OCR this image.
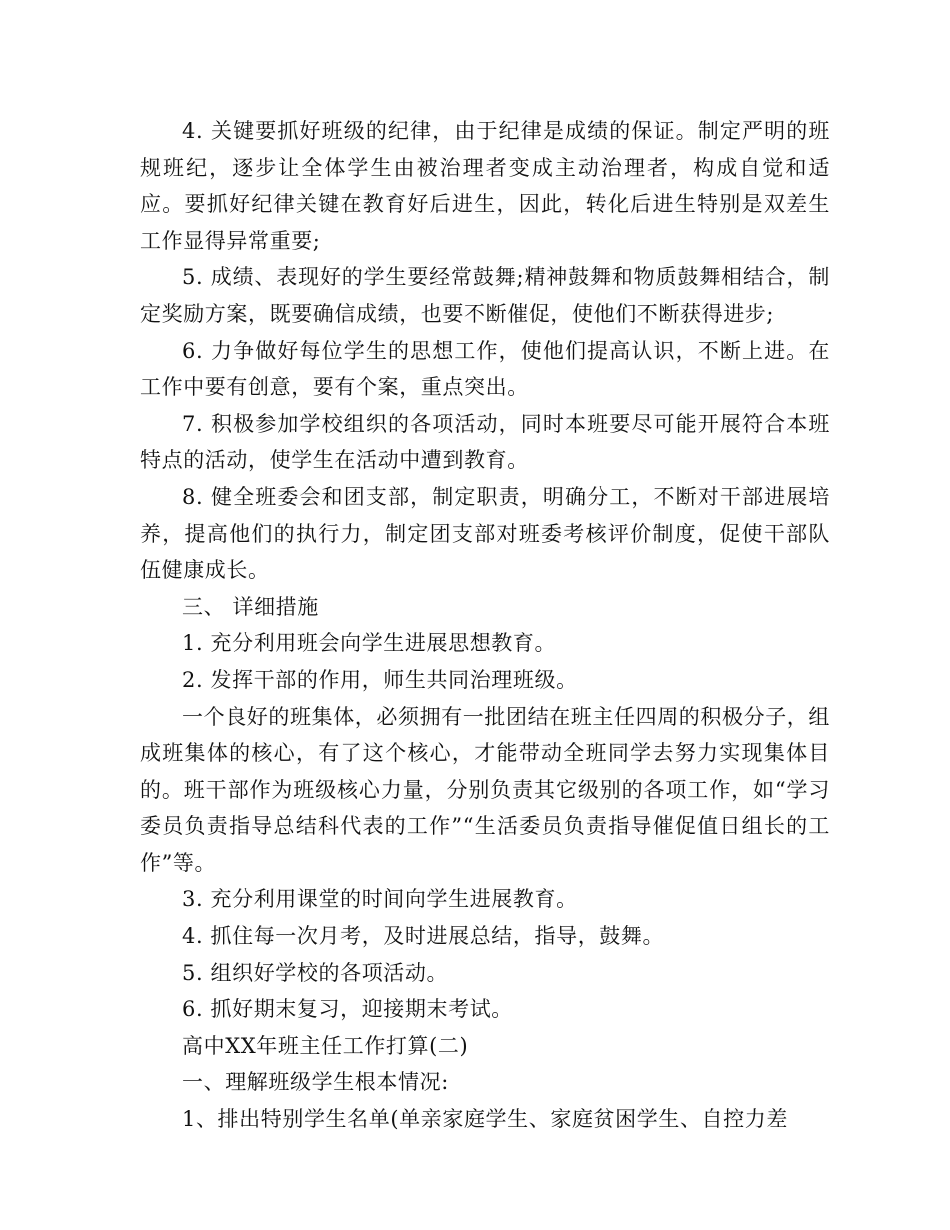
4. 关键要抓好班级的纪律，由于纪律是成绩的保证。制定严明的班规班纪，逐步让全体学生由被治理者变成主动治理者，构成自觉和适应。要抓好纪律关键在教育好后进生，因此，转化后进生特别是双差生工作显得异常重要;

5. 成绩、表现好的学生要经常鼓舞;精神鼓舞和物质鼓舞相结合，制定奖励方案，既要确信成绩，也要不断催促，使他们不断获得进步;

6. 力争做好每位学生的思想工作，使他们提高认识，不断上进。在工作中要有创意，要有个案，重点突出。

7. 积极参加学校组织的各项活动，同时本班要尽可能开展符合本班特点的活动，使学生在活动中遭到教育。

8. 健全班委会和团支部，制定职责，明确分工，不断对干部进展培养，提高他们的执行力，制定团支部对班委考核评价制度，促使干部队伍健康成长。

三、 详细措施

1. 充分利用班会向学生进展思想教育。

2. 发挥干部的作用，师生共同治理班级。

一个良好的班集体，必须拥有一批团结在班主任四周的积极分子，组成班集体的核心，有了这个核心，才能带动全班同学去努力实现集体目的。班干部作为班级核心力量，分别负责其它级别的各项工作，如“学习委员负责指导总结科代表的工作”“生活委员负责指导催促值日组长的工作”等。

3. 充分利用课堂的时间向学生进展教育。

4. 抓住每一次月考，及时进展总结，指导，鼓舞。

5. 组织好学校的各项活动。

6. 抓好期末复习，迎接期末考试。

高中XX年班主任工作打算(二)

一、理解班级学生根本情况:

1、排出特别学生名单(单亲家庭学生、家庭贫困学生、自控力差
